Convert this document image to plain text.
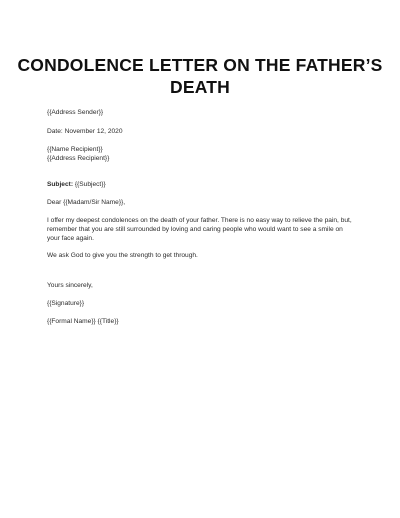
CONDOLENCE LETTER ON THE FATHER’S
DEATH
{{Address Sender}}
Date: November 12, 2020
{{Name Recipient}}
{{Address Recipient}}
Subject: {{Subject}}
Dear {{Madam/Sir Name}},
I offer my deepest condolences on the death of your father. There is no easy way to relieve the pain, but,
remember that you are still surrounded by loving and caring people who would want to see a smile on
your face again.
We ask God to give you the strength to get through.
Yours sincerely,
{{Signature}}
{{Formal Name}} {{Title}}
